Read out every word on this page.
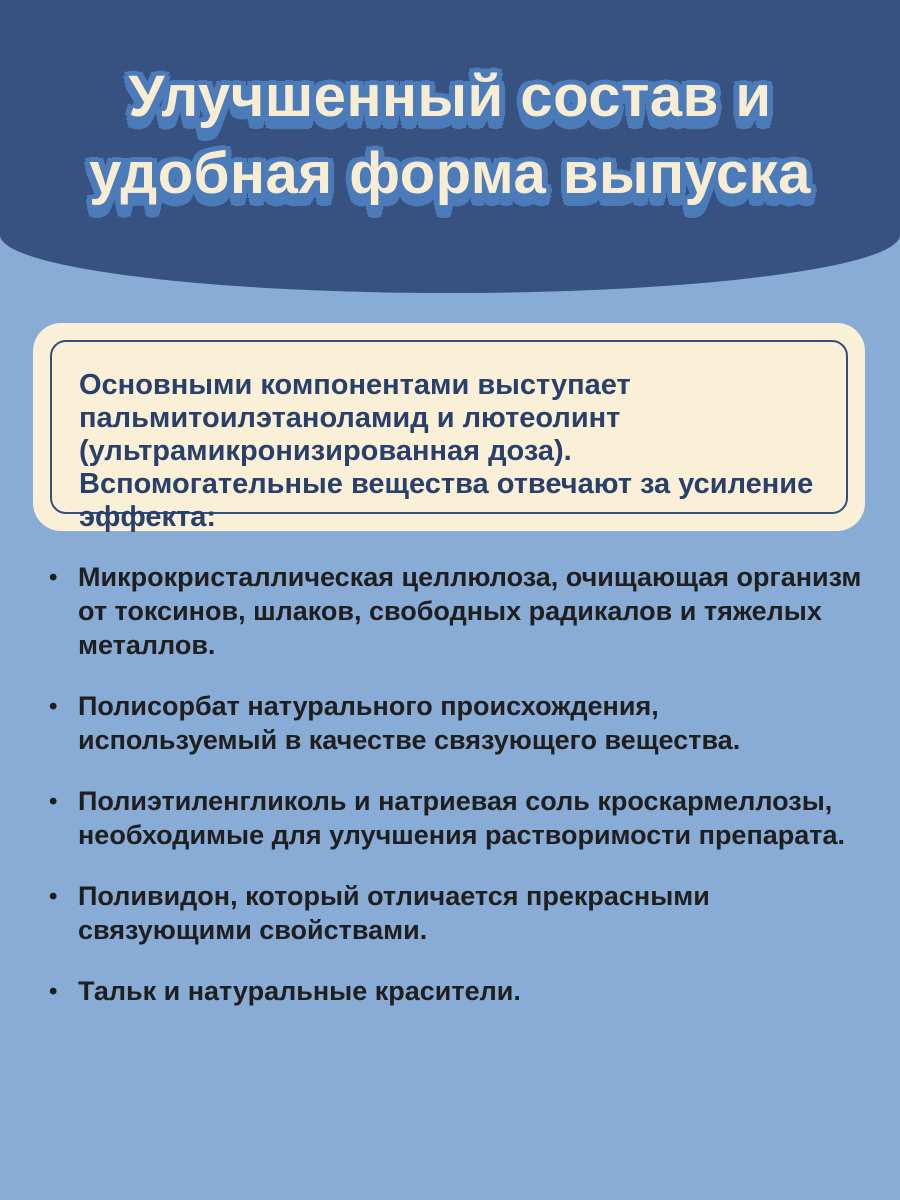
Улучшенный состав и
удобная форма выпуска

Основными компонентами выступает пальмитоилэтаноламид и лютеолинт (ультрамикронизированная доза). Вспомогательные вещества отвечают за усиление эффекта:

• Микрокристаллическая целлюлоза, очищающая организм от токсинов, шлаков, свободных радикалов и тяжелых металлов.
• Полисорбат натурального происхождения, используемый в качестве связующего вещества.
• Полиэтиленгликоль и натриевая соль кроскармеллозы, необходимые для улучшения растворимости препарата.
• Поливидон, который отличается прекрасными связующими свойствами.
• Тальк и натуральные красители.
